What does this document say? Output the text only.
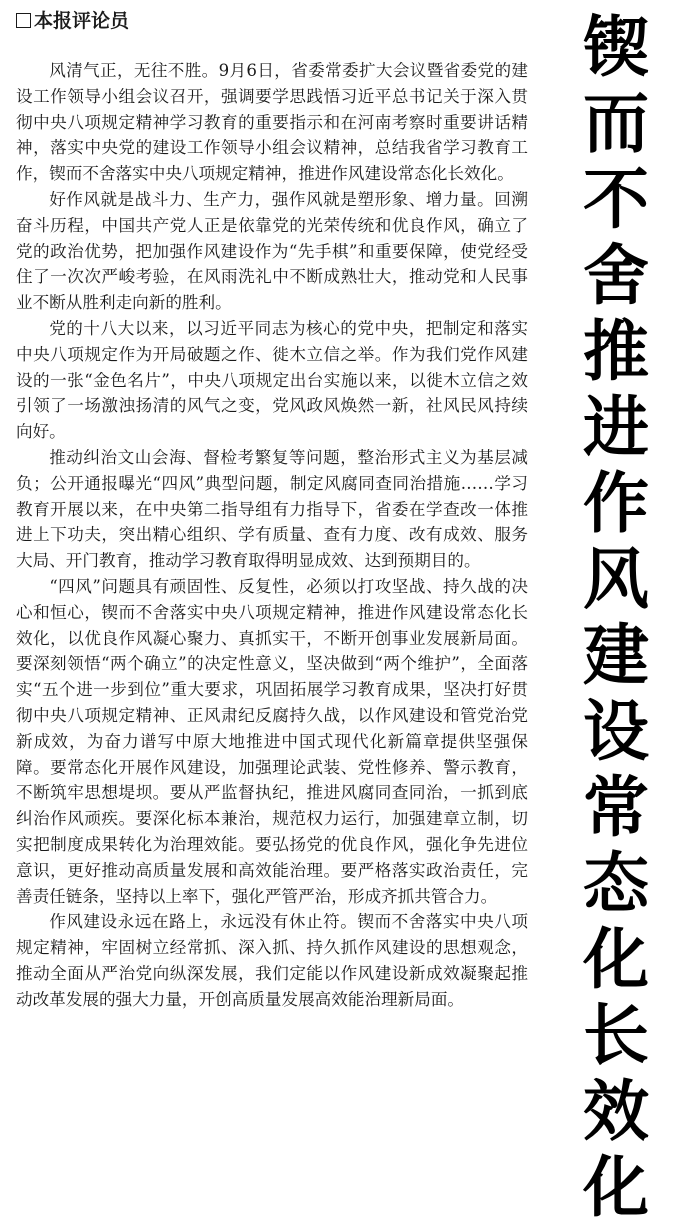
本报评论员

风清气正，无往不胜。9月6日，省委常委扩大会议暨省委党的建设工作领导小组会议召开，强调要学思践悟习近平总书记关于深入贯彻中央八项规定精神学习教育的重要指示和在河南考察时重要讲话精神，落实中央党的建设工作领导小组会议精神，总结我省学习教育工作，锲而不舍落实中央八项规定精神，推进作风建设常态化长效化。

好作风就是战斗力、生产力，强作风就是塑形象、增力量。回溯奋斗历程，中国共产党人正是依靠党的光荣传统和优良作风，确立了党的政治优势，把加强作风建设作为“先手棋”和重要保障，使党经受住了一次次严峻考验，在风雨洗礼中不断成熟壮大，推动党和人民事业不断从胜利走向新的胜利。

党的十八大以来，以习近平同志为核心的党中央，把制定和落实中央八项规定作为开局破题之作、徙木立信之举。作为我们党作风建设的一张“金色名片”，中央八项规定出台实施以来，以徙木立信之效引领了一场激浊扬清的风气之变，党风政风焕然一新，社风民风持续向好。

推动纠治文山会海、督检考繁复等问题，整治形式主义为基层减负；公开通报曝光“四风”典型问题，制定风腐同查同治措施……学习教育开展以来，在中央第二指导组有力指导下，省委在学查改一体推进上下功夫，突出精心组织、学有质量、查有力度、改有成效、服务大局、开门教育，推动学习教育取得明显成效、达到预期目的。

“四风”问题具有顽固性、反复性，必须以打攻坚战、持久战的决心和恒心，锲而不舍落实中央八项规定精神，推进作风建设常态化长效化，以优良作风凝心聚力、真抓实干，不断开创事业发展新局面。要深刻领悟“两个确立”的决定性意义，坚决做到“两个维护”，全面落实“五个进一步到位”重大要求，巩固拓展学习教育成果，坚决打好贯彻中央八项规定精神、正风肃纪反腐持久战，以作风建设和管党治党新成效，为奋力谱写中原大地推进中国式现代化新篇章提供坚强保障。要常态化开展作风建设，加强理论武装、党性修养、警示教育，不断筑牢思想堤坝。要从严监督执纪，推进风腐同查同治，一抓到底纠治作风顽疾。要深化标本兼治，规范权力运行，加强建章立制，切实把制度成果转化为治理效能。要弘扬党的优良作风，强化争先进位意识，更好推动高质量发展和高效能治理。要严格落实政治责任，完善责任链条，坚持以上率下，强化严管严治，形成齐抓共管合力。

作风建设永远在路上，永远没有休止符。锲而不舍落实中央八项规定精神，牢固树立经常抓、深入抓、持久抓作风建设的思想观念，推动全面从严治党向纵深发展，我们定能以作风建设新成效凝聚起推动改革发展的强大力量，开创高质量发展高效能治理新局面。

锲而不舍推进作风建设常态化长效化
